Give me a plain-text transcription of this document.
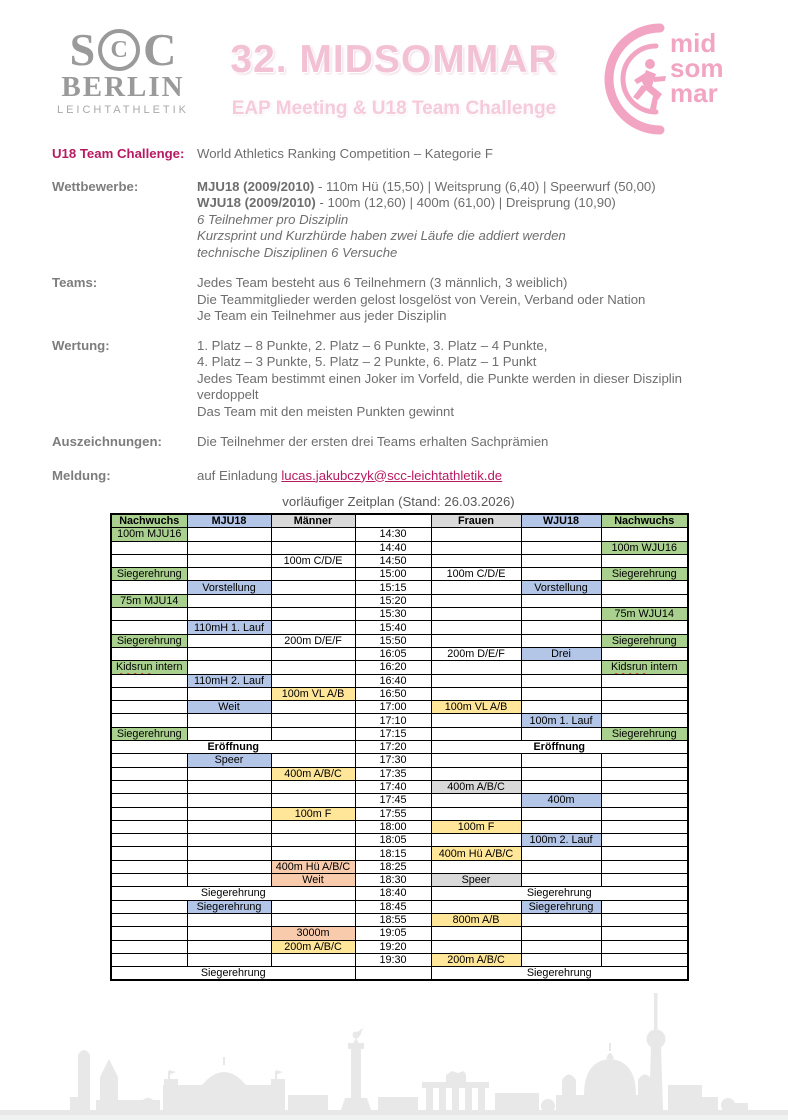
S C C
BERLIN
LEICHTATHLETIK
32. MIDSOMMAR
EAP Meeting & U18 Team Challenge
mid
som
mar
U18 Team Challenge: World Athletics Ranking Competition – Kategorie F
Wettbewerbe:	MJU18 (2009/2010) - 110m Hü (15,50) | Weitsprung (6,40) | Speerwurf (50,00)
WJU18 (2009/2010) - 100m (12,60) | 400m (61,00) | Dreisprung (10,90)
6 Teilnehmer pro Disziplin
Kurzsprint und Kurzhürde haben zwei Läufe die addiert werden
technische Disziplinen 6 Versuche
Teams:	Jedes Team besteht aus 6 Teilnehmern (3 männlich, 3 weiblich)
Die Teammitglieder werden gelost losgelöst von Verein, Verband oder Nation
Je Team ein Teilnehmer aus jeder Disziplin
Wertung:	1. Platz – 8 Punkte, 2. Platz – 6 Punkte, 3. Platz – 4 Punkte,
4. Platz – 3 Punkte, 5. Platz – 2 Punkte, 6. Platz – 1 Punkt
Jedes Team bestimmt einen Joker im Vorfeld, die Punkte werden in dieser Disziplin
verdoppelt
Das Team mit den meisten Punkten gewinnt
Auszeichnungen:	Die Teilnehmer der ersten drei Teams erhalten Sachprämien
Meldung:	auf Einladung lucas.jakubczyk@scc-leichtathletik.de
vorläufiger Zeitplan (Stand: 26.03.2026)
Nachwuchs	MJU18	Männer		Frauen	WJU18	Nachwuchs
100m MJU16			14:30			
			14:40			100m WJU16
		100m C/D/E	14:50			
Siegerehrung			15:00	100m C/D/E		Siegerehrung
	Vorstellung		15:15		Vorstellung	
75m MJU14			15:20			
			15:30			75m WJU14
	110mH 1. Lauf		15:40			
Siegerehrung		200m D/E/F	15:50			Siegerehrung
			16:05	200m D/E/F	Drei	
Kidsrun intern			16:20			Kidsrun intern
	110mH 2. Lauf		16:40			
		100m VL A/B	16:50			
	Weit		17:00	100m VL A/B		
			17:10		100m 1. Lauf	
Siegerehrung			17:15			Siegerehrung
Eröffnung			17:20	Eröffnung		
	Speer		17:30			
		400m A/B/C	17:35			
			17:40	400m A/B/C		
			17:45		400m	
		100m F	17:55			
			18:00	100m F		
			18:05		100m 2. Lauf	
			18:15	400m Hü A/B/C		
		400m Hü A/B/C	18:25			
		Weit	18:30	Speer		
Siegerehrung			18:40	Siegerehrung		
	Siegerehrung		18:45		Siegerehrung	
			18:55	800m A/B		
		3000m	19:05			
		200m A/B/C	19:20			
			19:30	200m A/B/C		
Siegerehrung				Siegerehrung		
